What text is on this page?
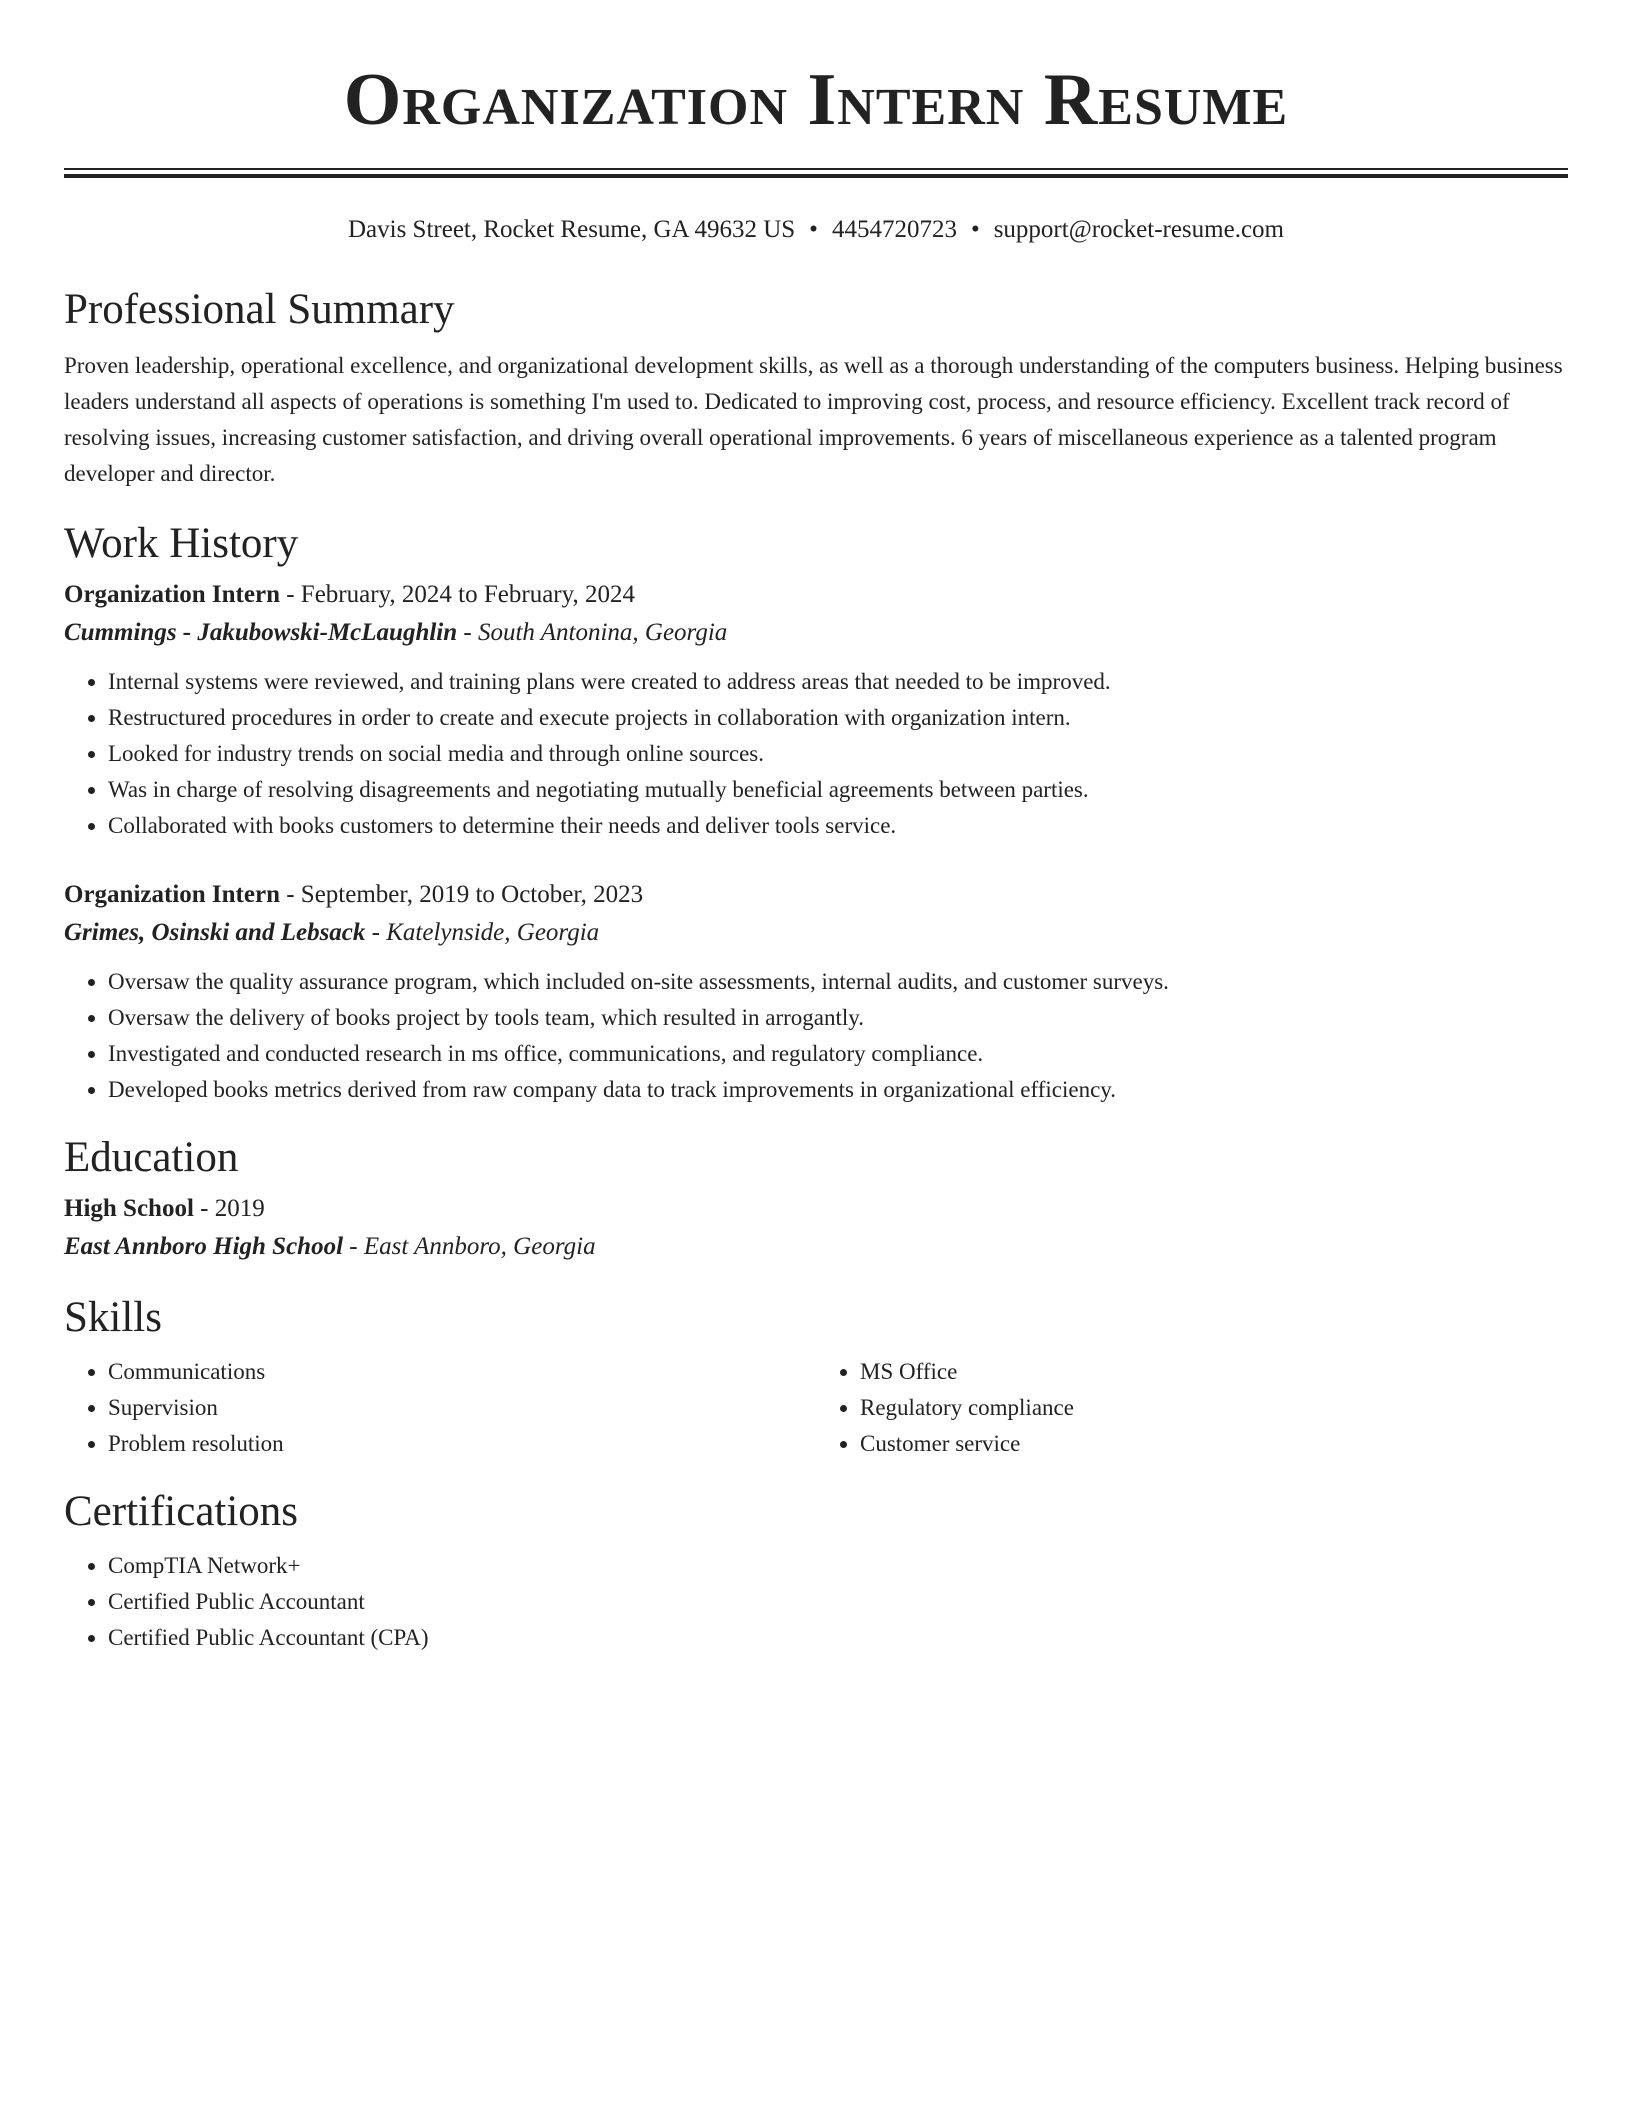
Organization Intern Resume
Davis Street, Rocket Resume, GA 49632 US • 4454720723 • support@rocket-resume.com
Professional Summary

Proven leadership, operational excellence, and organizational development skills, as well as a thorough understanding of the computers business. Helping business leaders understand all aspects of operations is something I'm used to. Dedicated to improving cost, process, and resource efficiency. Excellent track record of resolving issues, increasing customer satisfaction, and driving overall operational improvements. 6 years of miscellaneous experience as a talented program developer and director.

Work History
Organization Intern - February, 2024 to February, 2024
Cummings - Jakubowski-McLaughlin - South Antonina, Georgia
• Internal systems were reviewed, and training plans were created to address areas that needed to be improved.
• Restructured procedures in order to create and execute projects in collaboration with organization intern.
• Looked for industry trends on social media and through online sources.
• Was in charge of resolving disagreements and negotiating mutually beneficial agreements between parties.
• Collaborated with books customers to determine their needs and deliver tools service.
Organization Intern - September, 2019 to October, 2023
Grimes, Osinski and Lebsack - Katelynside, Georgia
• Oversaw the quality assurance program, which included on-site assessments, internal audits, and customer surveys.
• Oversaw the delivery of books project by tools team, which resulted in arrogantly.
• Investigated and conducted research in ms office, communications, and regulatory compliance.
• Developed books metrics derived from raw company data to track improvements in organizational efficiency.
Education
High School - 2019
East Annboro High School - East Annboro, Georgia
Skills
• Communications
• Supervision
• Problem resolution
• MS Office
• Regulatory compliance
• Customer service
Certifications
• CompTIA Network+
• Certified Public Accountant
• Certified Public Accountant (CPA)
